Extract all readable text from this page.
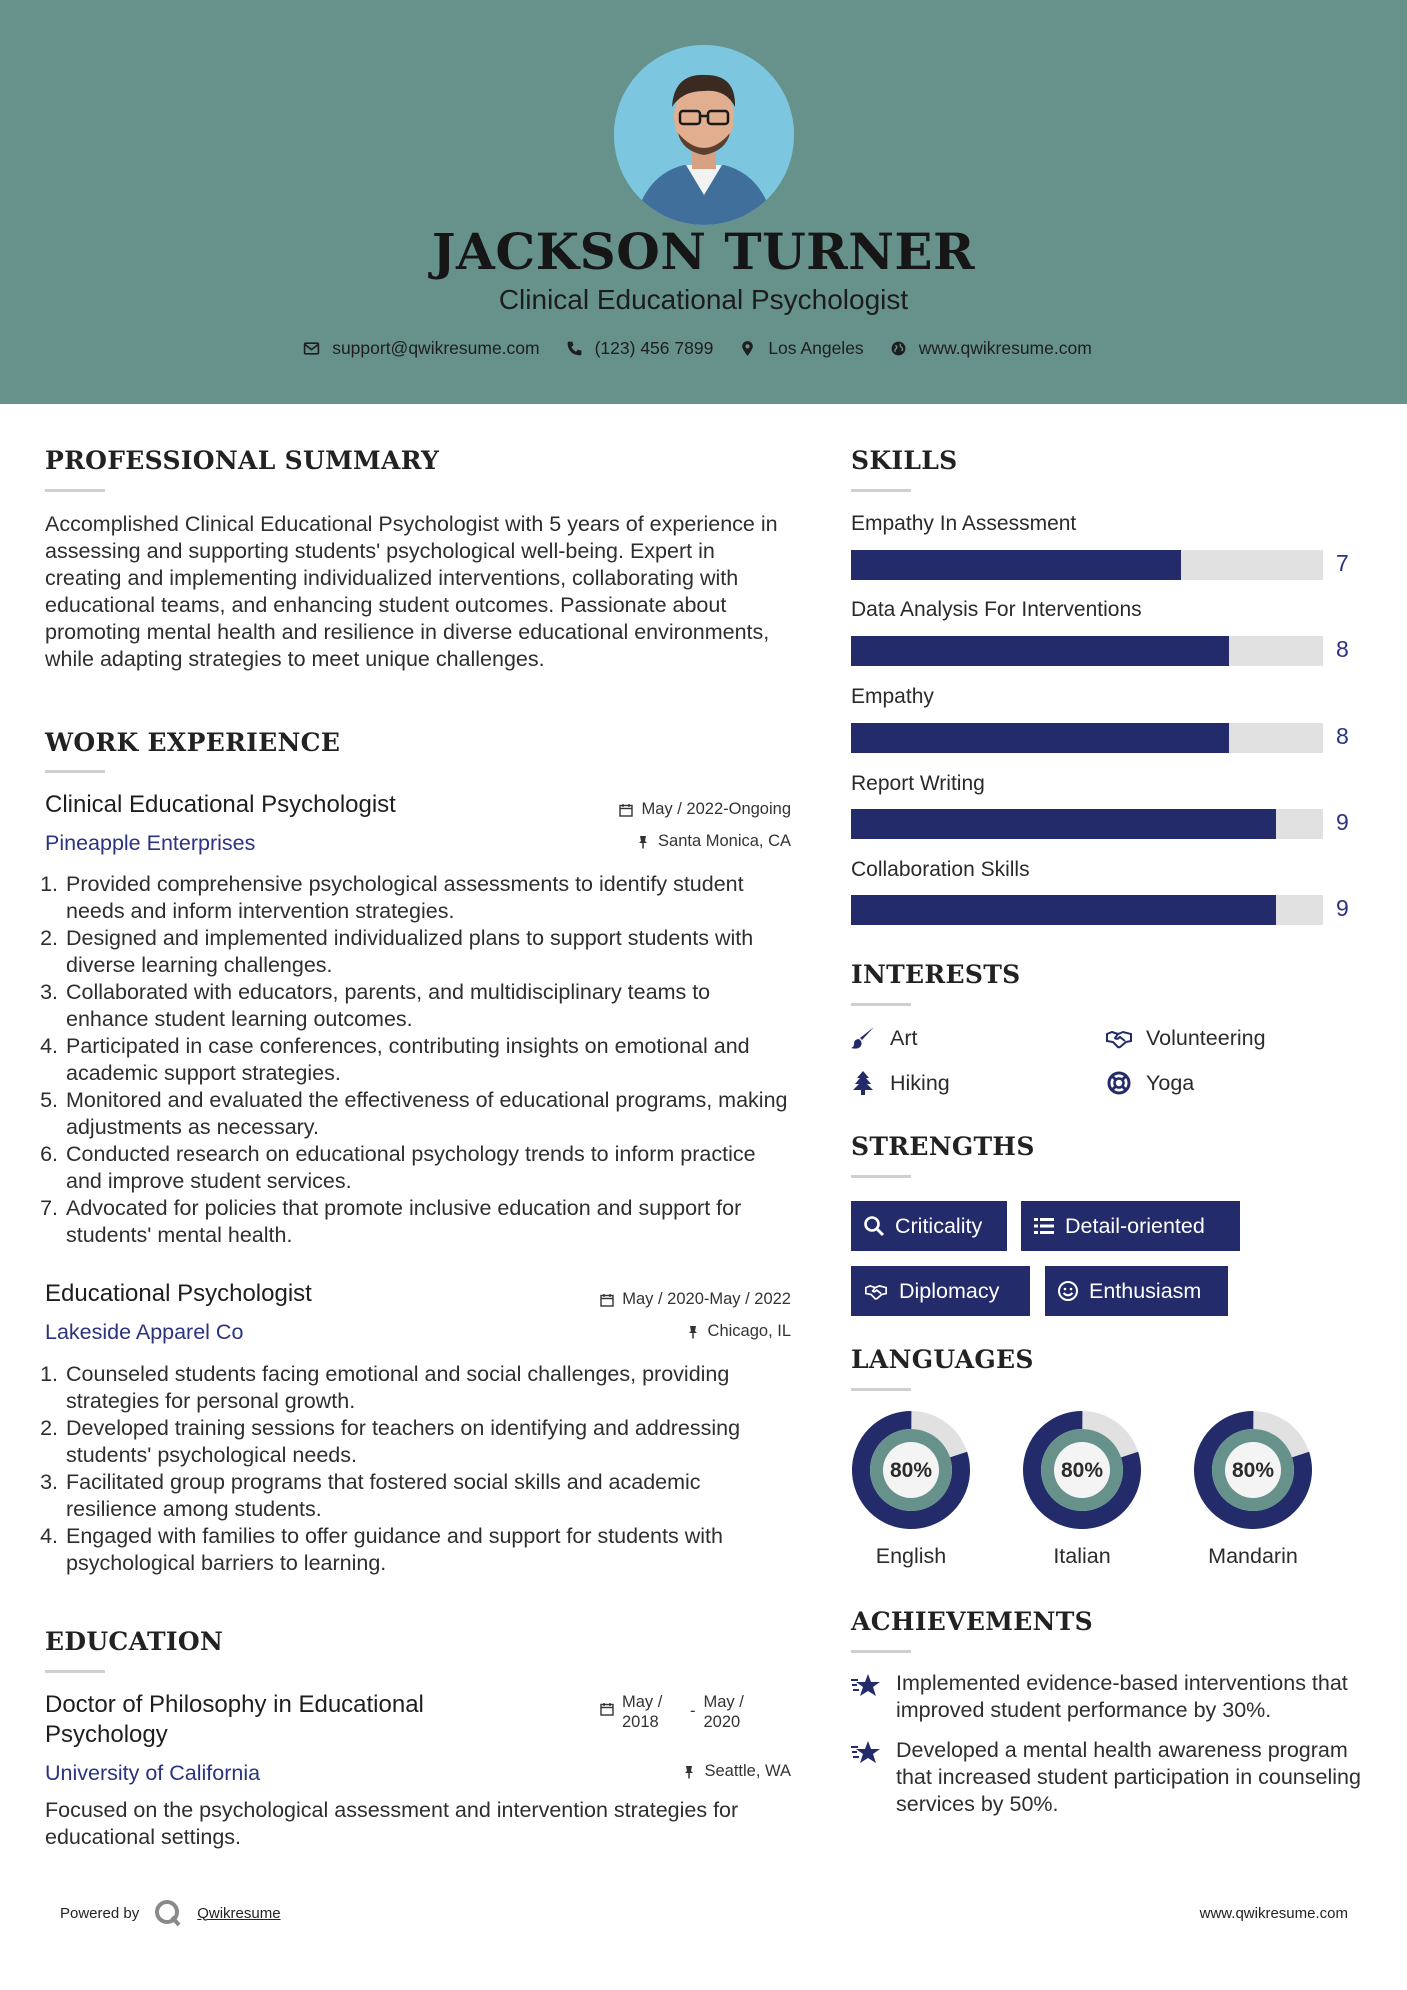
JACKSON TURNER
Clinical Educational Psychologist
support@qwikresume.com	(123) 456 7899	Los Angeles	www.qwikresume.com
PROFESSIONAL SUMMARY
Accomplished Clinical Educational Psychologist with 5 years of experience in assessing and supporting students' psychological well-being. Expert in creating and implementing individualized interventions, collaborating with educational teams, and enhancing student outcomes. Passionate about promoting mental health and resilience in diverse educational environments, while adapting strategies to meet unique challenges.
WORK EXPERIENCE
Clinical Educational Psychologist	May / 2022-Ongoing
Pineapple Enterprises	Santa Monica, CA
1. Provided comprehensive psychological assessments to identify student needs and inform intervention strategies.
2. Designed and implemented individualized plans to support students with diverse learning challenges.
3. Collaborated with educators, parents, and multidisciplinary teams to enhance student learning outcomes.
4. Participated in case conferences, contributing insights on emotional and academic support strategies.
5. Monitored and evaluated the effectiveness of educational programs, making adjustments as necessary.
6. Conducted research on educational psychology trends to inform practice and improve student services.
7. Advocated for policies that promote inclusive education and support for students' mental health.
Educational Psychologist	May / 2020-May / 2022
Lakeside Apparel Co	Chicago, IL
1. Counseled students facing emotional and social challenges, providing strategies for personal growth.
2. Developed training sessions for teachers on identifying and addressing students' psychological needs.
3. Facilitated group programs that fostered social skills and academic resilience among students.
4. Engaged with families to offer guidance and support for students with psychological barriers to learning.
EDUCATION
Doctor of Philosophy in Educational Psychology
May / 2018
- May / 2020
University of California	Seattle, WA
Focused on the psychological assessment and intervention strategies for educational settings.
SKILLS
Empathy In Assessment
7
Data Analysis For Interventions
8
Empathy
8
Report Writing
9
Collaboration Skills
9
INTERESTS
Art	Volunteering
Hiking	Yoga
STRENGTHS
Criticality	Detail-oriented
Diplomacy	Enthusiasm
LANGUAGES
80%
English
80%
Italian
80%
Mandarin
ACHIEVEMENTS
Implemented evidence-based interventions that improved student performance by 30%.
Developed a mental health awareness program that increased student participation in counseling services by 50%.
Powered by	Qwikresume	www.qwikresume.com
